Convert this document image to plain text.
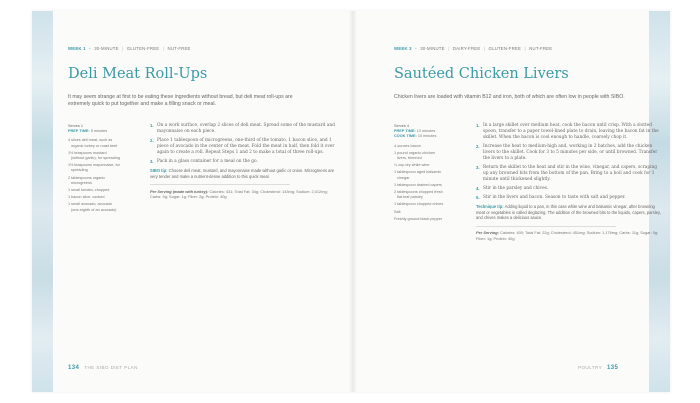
WEEK 1 • 30-MINUTE | GLUTEN-FREE | NUT-FREE
Deli Meat Roll-Ups
It may seem strange at first to be eating these ingredients without bread, but deli meat roll-ups are extremely quick to put together and make a filling snack or meal.
Serves 1
PREP TIME: 5 minutes
4 slices deli meat, such as organic turkey or roast beef
1½ teaspoons mustard (without garlic), for spreading
1½ teaspoons mayonnaise, for spreading
2 tablespoons organic microgreens
1 small tomato, chopped
1 bacon slice, cooked
1 small avocado, avocado (one-eighth of an avocado)
1. On a work surface, overlap 2 slices of deli meat. Spread some of the mustard and mayonnaise on each piece.
2. Place 1 tablespoon of microgreens, one-third of the tomato, 1 bacon slice, and 1 piece of avocado in the center of the meat. Fold the meat in half, then fold it over again to create a roll. Repeat Steps 1 and 2 to make a total of three roll-ups.
3. Pack in a glass container for a meal on the go.
SIBO tip: Choose deli meat, mustard, and mayonnaise made without garlic or onion. Microgreens are very tender and make a nutrient-dense addition to this quick meal.
Per Serving (made with turkey): Calories: 431; Total Fat: 34g; Cholesterol: 143mg; Sodium: 2,012mg; Carbs: 9g; Sugar: 1g; Fiber: 2g; Protein: 40g
134 THE SIBO DIET PLAN
WEEK 3 • 30-MINUTE | DAIRY-FREE | GLUTEN-FREE | NUT-FREE
Sautéed Chicken Livers
Chicken livers are loaded with vitamin B12 and iron, both of which are often low in people with SIBO.
Serves 4
PREP TIME: 10 minutes
COOK TIME: 10 minutes
4 ounces bacon
1 pound organic chicken livers, trimmed
¼ cup dry white wine
1 tablespoon aged balsamic vinegar
1 tablespoon drained capers
2 tablespoons chopped fresh flat-leaf parsley
1 tablespoon chopped chives
Salt
Freshly ground black pepper
1. In a large skillet over medium heat, cook the bacon until crisp. With a slotted spoon, transfer to a paper towel-lined plate to drain, leaving the bacon fat in the skillet. When the bacon is cool enough to handle, coarsely chop it.
2. Increase the heat to medium-high and, working in 2 batches, add the chicken livers to the skillet. Cook for 3 to 5 minutes per side, or until browned. Transfer the livers to a plate.
3. Return the skillet to the heat and stir in the wine, vinegar, and capers, scraping up any browned bits from the bottom of the pan. Bring to a boil and cook for 1 minute until thickened slightly.
4. Stir in the parsley and chives.
5. Stir in the livers and bacon. Season to taste with salt and pepper.
Technique tip: Adding liquid to a pan, in this case white wine and balsamic vinegar, after browning meat or vegetables is called deglazing. The addition of the browned bits to the liquids, capers, parsley, and chives makes a delicious sauce.
Per Serving: Calories: 400; Total Fat: 22g; Cholesterol: 451mg; Sodium: 1,176mg; Carbs: 11g; Sugar: 5g; Fiber: 1g; Protein: 40g
POULTRY 135
